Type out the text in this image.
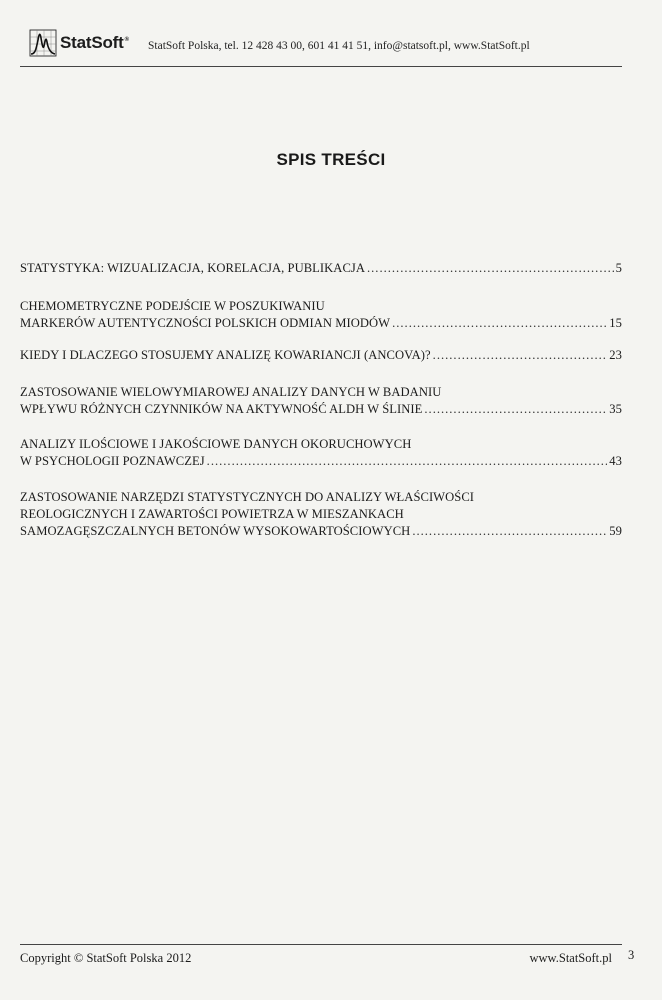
StatSoft® StatSoft Polska, tel. 12 428 43 00, 601 41 41 51, info@statsoft.pl, www.StatSoft.pl
SPIS TREŚCI
STATYSTYKA: WIZUALIZACJA, KORELACJA, PUBLIKACJA .....	5
CHEMOMETRYCZNE PODEJŚCIE W POSZUKIWANIU
MARKERÓW AUTENTYCZNOŚCI POLSKICH ODMIAN MIODÓW .....	15
KIEDY I DLACZEGO STOSUJEMY ANALIZĘ KOWARIANCJI (ANCOVA)? .....	23
ZASTOSOWANIE WIELOWYMIAROWEJ ANALIZY DANYCH W BADANIU
WPŁYWU RÓŻNYCH CZYNNIKÓW NA AKTYWNOŚĆ ALDH W ŚLINIE .....	35
ANALIZY ILOŚCIOWE I JAKOŚCIOWE DANYCH OKORUCHOWYCH
W PSYCHOLOGII POZNAWCZEJ .....	43
ZASTOSOWANIE NARZĘDZI STATYSTYCZNYCH DO ANALIZY WŁAŚCIWOŚCI
REOLOGICZNYCH I ZAWARTOŚCI POWIETRZA W MIESZANKACH
SAMOZAGĘSZCZALNYCH BETONÓW WYSOKOWARTOŚCIOWYCH .....	59
Copyright © StatSoft Polska 2012	www.StatSoft.pl 3
